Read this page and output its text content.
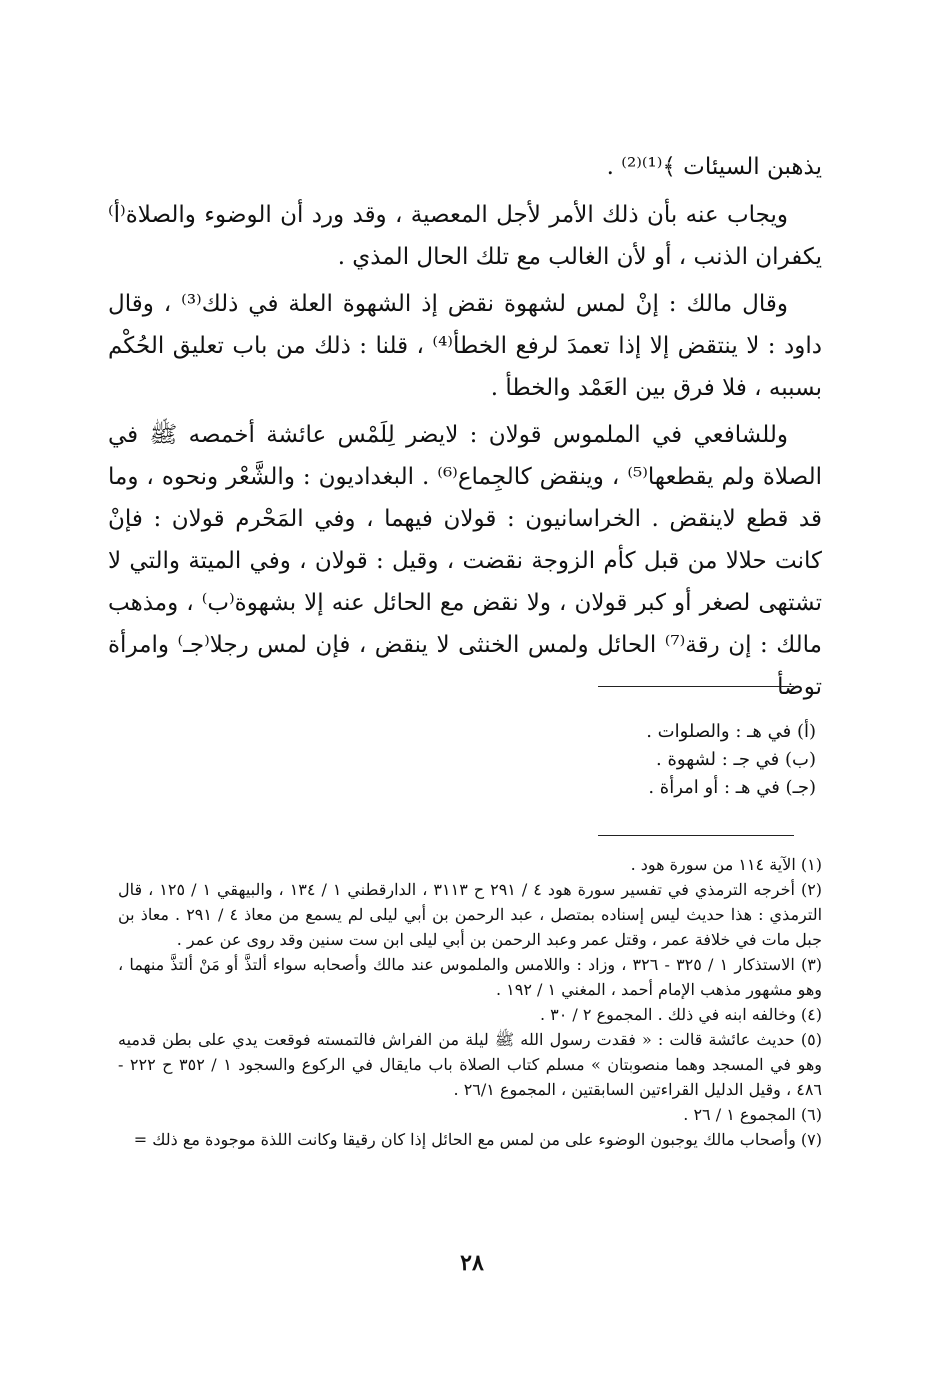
يذهبن السيئات ﴾⁽¹⁾⁽²⁾ .

ويجاب عنه بأن ذلك الأمر لأجل المعصية ، وقد ورد أن الوضوء والصلاة⁽أ⁾ يكفران الذنب ، أو لأن الغالب مع تلك الحال المذي .

وقال مالك : إنْ لمس لشهوة نقض إذ الشهوة العلة في ذلك⁽³⁾ ، وقال داود : لا ينتقض إلا إذا تعمدَ لرفع الخطأ⁽⁴⁾ ، قلنا : ذلك من باب تعليق الحُكْم بسببه ، فلا فرق بين العَمْد والخطأ .

وللشافعي في الملموس قولان : لايضر لِلَمْس عائشة أخمصه ﷺ في الصلاة ولم يقطعها⁽⁵⁾ ، وينقض كالجِماع⁽⁶⁾ . البغداديون : والشَّعْر ونحوه ، وما قد قطع لاينقض . الخراسانيون : قولان فيهما ، وفي المَحْرم قولان : فإنْ كانت حلالا من قبل كأم الزوجة نقضت ، وقيل : قولان ، وفي الميتة والتي لا تشتهى لصغر أو كبر قولان ، ولا نقض مع الحائل عنه إلا بشهوة⁽ب⁾ ، ومذهب مالك : إن رقة⁽⁷⁾ الحائل ولمس الخنثى لا ينقض ، فإن لمس رجلا⁽جـ⁾ وامرأة توضأ

(أ) في هـ : والصلوات .
(ب) في جـ : لشهوة .
(جـ) في هـ : أو امرأة .
(١) الآية ١١٤ من سورة هود .
(٢) أخرجه الترمذي في تفسير سورة هود ٤ / ٢٩١ ح ٣١١٣ ، الدارقطني ١ / ١٣٤ ، والبيهقي ١ / ١٢٥ ، قال الترمذي : هذا حديث ليس إسناده بمتصل ، عبد الرحمن بن أبي ليلى لم يسمع من معاذ ٤ / ٢٩١ . معاذ بن جبل مات في خلافة عمر ، وقتل عمر وعبد الرحمن بن أبي ليلى ابن ست سنين وقد روى عن عمر .
(٣) الاستذكار ١ / ٣٢٥ - ٣٢٦ ، وزاد : واللامس والملموس عند مالك وأصحابه سواء ألتذَّ أو مَنْ ألتذَّ منهما ، وهو مشهور مذهب الإمام أحمد ، المغني ١ / ١٩٢ .
(٤) وخالفه ابنه في ذلك . المجموع ٢ / ٣٠ .
(٥) حديث عائشة قالت : « فقدت رسول الله ﷺ ليلة من الفراش فالتمسته فوقعت يدي على بطن قدميه وهو في المسجد وهما منصوبتان » مسلم كتاب الصلاة باب مايقال في الركوع والسجود ١ / ٣٥٢ ح ٢٢٢ - ٤٨٦ ، وقيل الدليل القراءتين السابقتين ، المجموع ٢٦/١ .
(٦) المجموع ١ / ٢٦ .
(٧) وأصحاب مالك يوجبون الوضوء على من لمس مع الحائل إذا كان رقيقا وكانت اللذة موجودة مع ذلك =
٢٨
